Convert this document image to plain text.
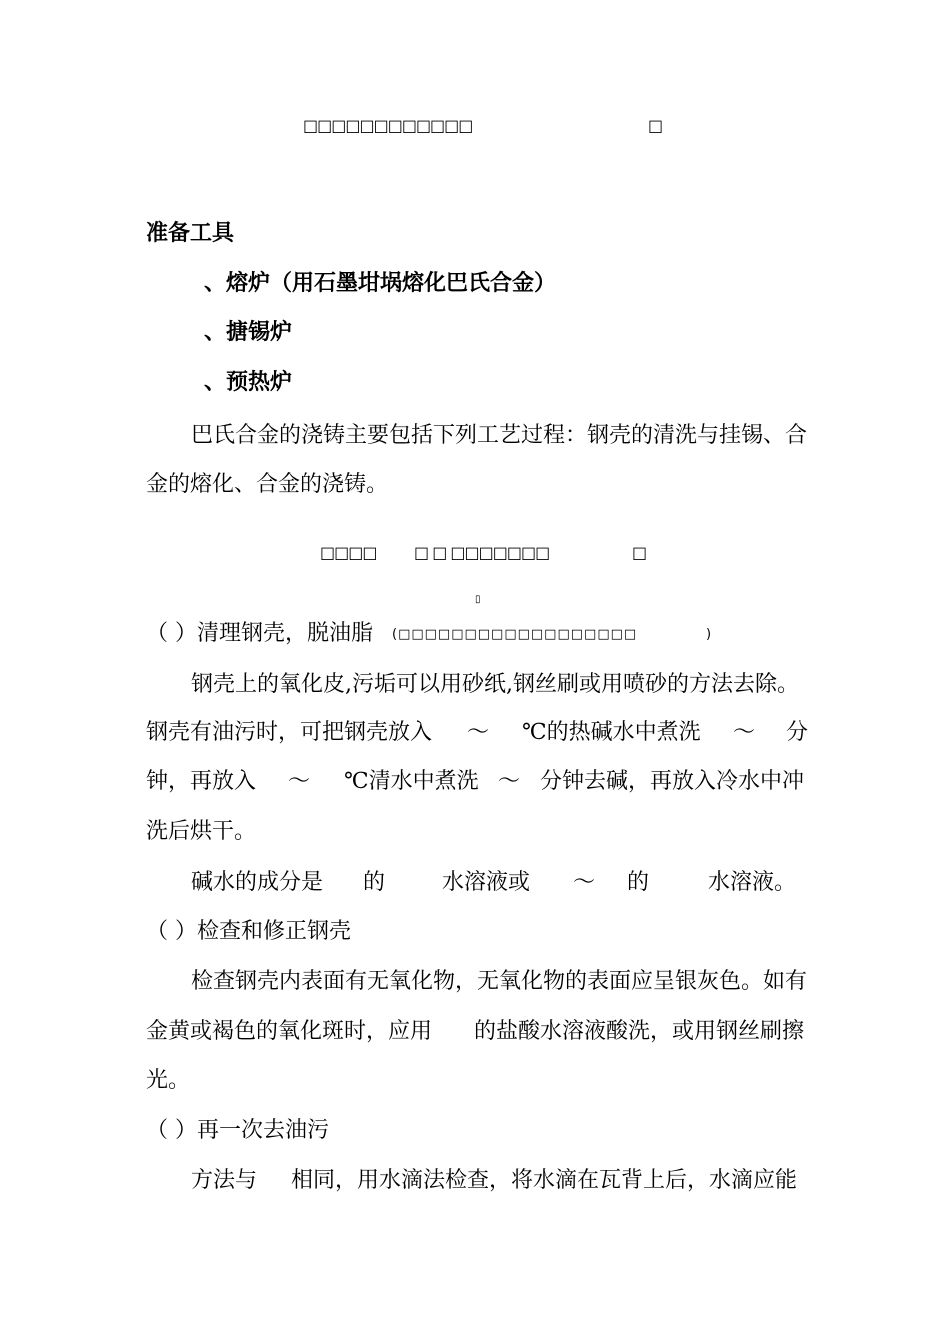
□□□□□□□□□□□□	□
准备工具
、熔炉（用石墨坩埚熔化巴氏合金）
、搪锡炉
、预热炉
巴氏合金的浇铸主要包括下列工艺过程：钢壳的清洗与挂锡、合
金的熔化、合金的浇铸。
□□□□ □ □ □□□□□□□	□
▯
（ ）清理钢壳，脱油脂 (□□□□□□□□□□□□□□□□□□	)
钢壳上的氧化皮,污垢可以用砂纸,钢丝刷或用喷砂的方法去除。
钢壳有油污时，可把钢壳放入 ～ ℃的热碱水中煮洗 ～ 分
钟，再放入 ～ ℃清水中煮洗 ～ 分钟去碱，再放入冷水中冲
洗后烘干。
碱水的成分是 的	水溶液或 ～ 的	水溶液。
（ ）检查和修正钢壳
检查钢壳内表面有无氧化物，无氧化物的表面应呈银灰色。如有
金黄或褐色的氧化斑时，应用 的盐酸水溶液酸洗，或用钢丝刷擦
光。
（ ）再一次去油污
方法与 相同，用水滴法检查，将水滴在瓦背上后，水滴应能
